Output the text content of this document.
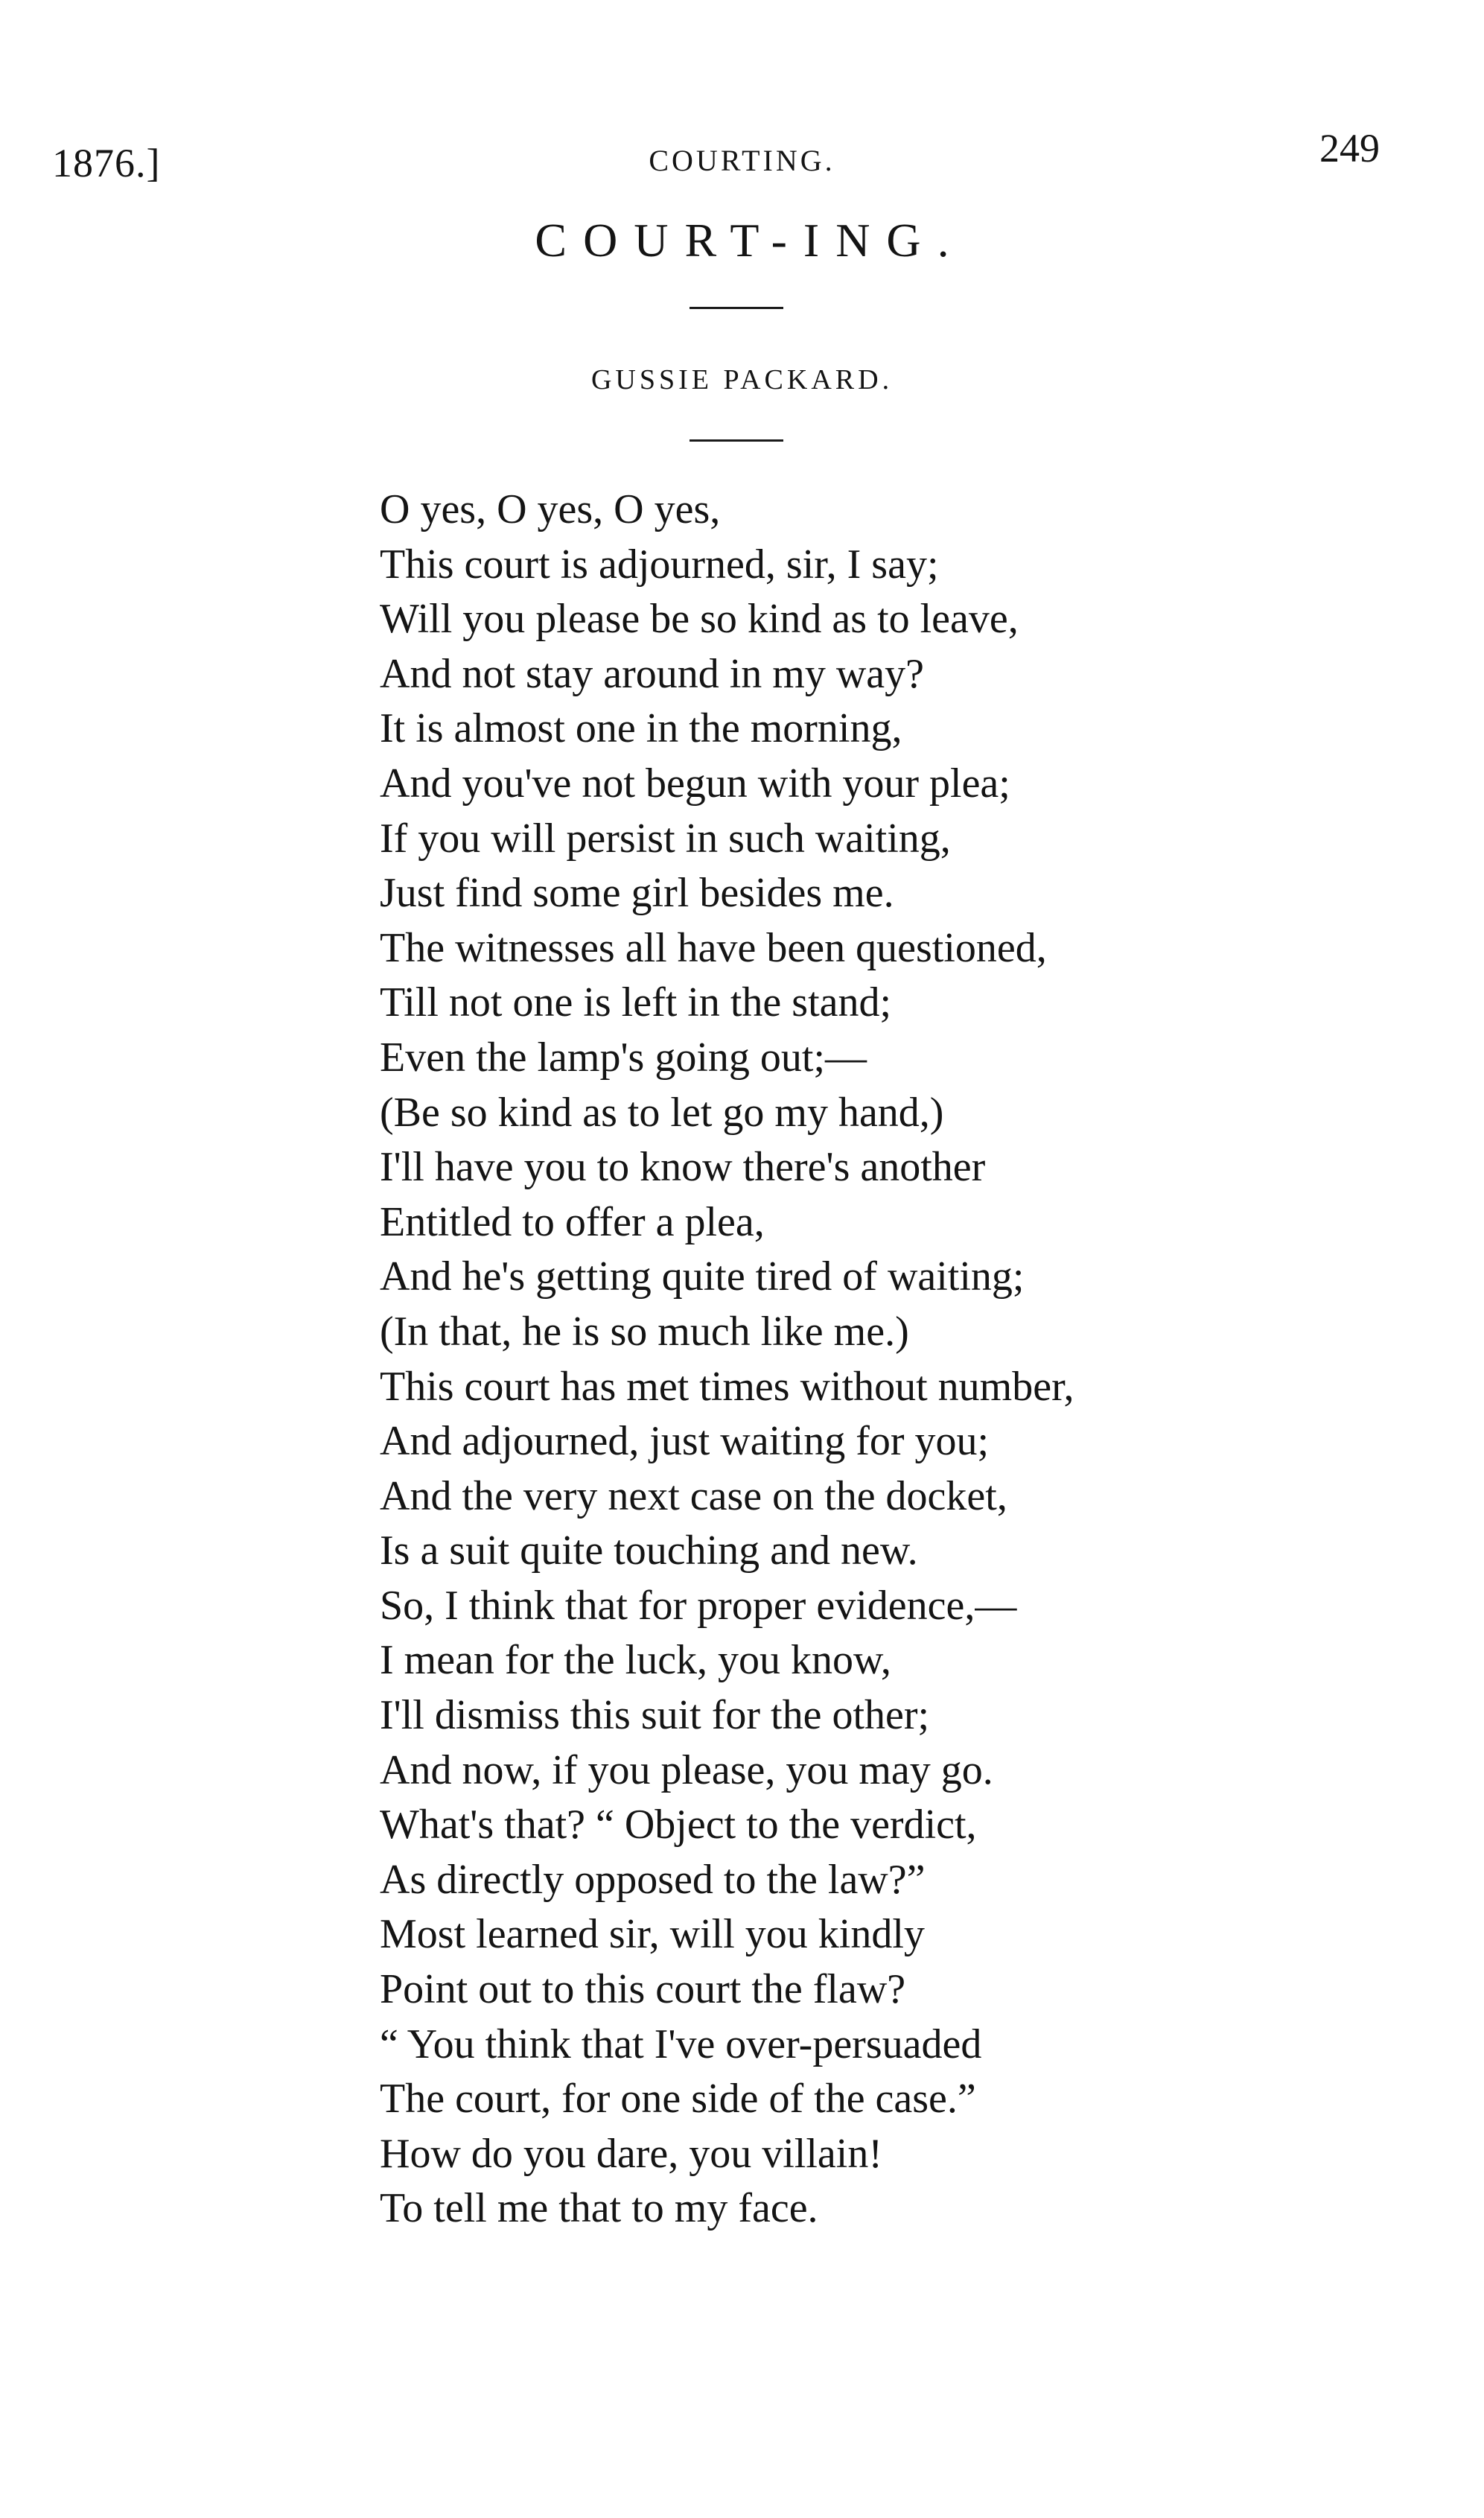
1876.]	COURTING.	249
COURT-ING.
GUSSIE PACKARD.
O yes, O yes, O yes,
This court is adjourned, sir, I say;
Will you please be so kind as to leave,
And not stay around in my way?
It is almost one in the morning,
And you've not begun with your plea;
If you will persist in such waiting,
Just find some girl besides me.
The witnesses all have been questioned,
Till not one is left in the stand;
Even the lamp's going out;—
(Be so kind as to let go my hand,)
I'll have you to know there's another
Entitled to offer a plea,
And he's getting quite tired of waiting;
(In that, he is so much like me.)
This court has met times without number,
And adjourned, just waiting for you;
And the very next case on the docket,
Is a suit quite touching and new.
So, I think that for proper evidence,—
I mean for the luck, you know,
I'll dismiss this suit for the other;
And now, if you please, you may go.
What's that? “ Object to the verdict,
As directly opposed to the law?”
Most learned sir, will you kindly
Point out to this court the flaw?
“ You think that I've over-persuaded
The court, for one side of the case.”
How do you dare, you villain!
To tell me that to my face.
